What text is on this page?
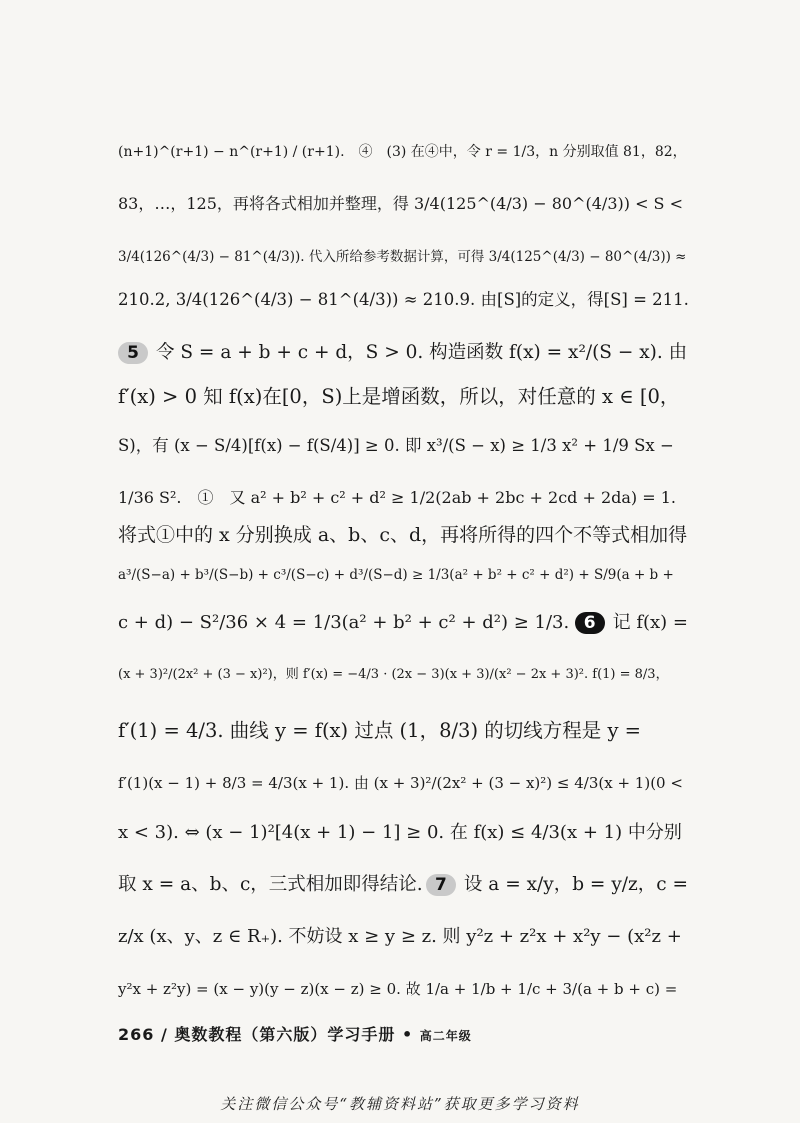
(n+1)^(r+1) − n^(r+1) / (r+1).　④　(3) 在④中，令 r = 1/3，n 分别取值 81，82，
83，…，125，再将各式相加并整理，得 3/4(125^(4/3) − 80^(4/3)) < S <
3/4(126^(4/3) − 81^(4/3)). 代入所给参考数据计算，可得 3/4(125^(4/3) − 80^(4/3)) ≈
210.2, 3/4(126^(4/3) − 81^(4/3)) ≈ 210.9. 由[S]的定义，得[S] = 211.
5 令 S = a + b + c + d，S > 0. 构造函数 f(x) = x²/(S − x). 由
f′(x) > 0 知 f(x)在[0，S)上是增函数，所以，对任意的 x ∈ [0，
S)，有 (x − S/4)[f(x) − f(S/4)] ≥ 0. 即 x³/(S − x) ≥ 1/3 x² + 1/9 Sx −
1/36 S².　①　又 a² + b² + c² + d² ≥ 1/2(2ab + 2bc + 2cd + 2da) = 1.
将式①中的 x 分别换成 a、b、c、d，再将所得的四个不等式相加得
a³/(S−a) + b³/(S−b) + c³/(S−c) + d³/(S−d) ≥ 1/3(a² + b² + c² + d²) + S/9(a + b +
c + d) − S²/36 × 4 = 1/3(a² + b² + c² + d²) ≥ 1/3. 6 记 f(x) =
(x + 3)²/(2x² + (3 − x)²)，则 f′(x) = −4/3 · (2x − 3)(x + 3)/(x² − 2x + 3)². f(1) = 8/3，
f′(1) = 4/3. 曲线 y = f(x) 过点 (1，8/3) 的切线方程是 y =
f′(1)(x − 1) + 8/3 = 4/3(x + 1). 由 (x + 3)²/(2x² + (3 − x)²) ≤ 4/3(x + 1)(0 <
x < 3). ⇔ (x − 1)²[4(x + 1) − 1] ≥ 0. 在 f(x) ≤ 4/3(x + 1) 中分别
取 x = a、b、c，三式相加即得结论. 7 设 a = x/y，b = y/z，c =
z/x (x、y、z ∈ R₊). 不妨设 x ≥ y ≥ z. 则 y²z + z²x + x²y − (x²z +
y²x + z²y) = (x − y)(y − z)(x − z) ≥ 0. 故 1/a + 1/b + 1/c + 3/(a + b + c) =
266 / 奥数教程（第六版）学习手册 • 高二年级
关注微信公众号“教辅资料站”获取更多学习资料
